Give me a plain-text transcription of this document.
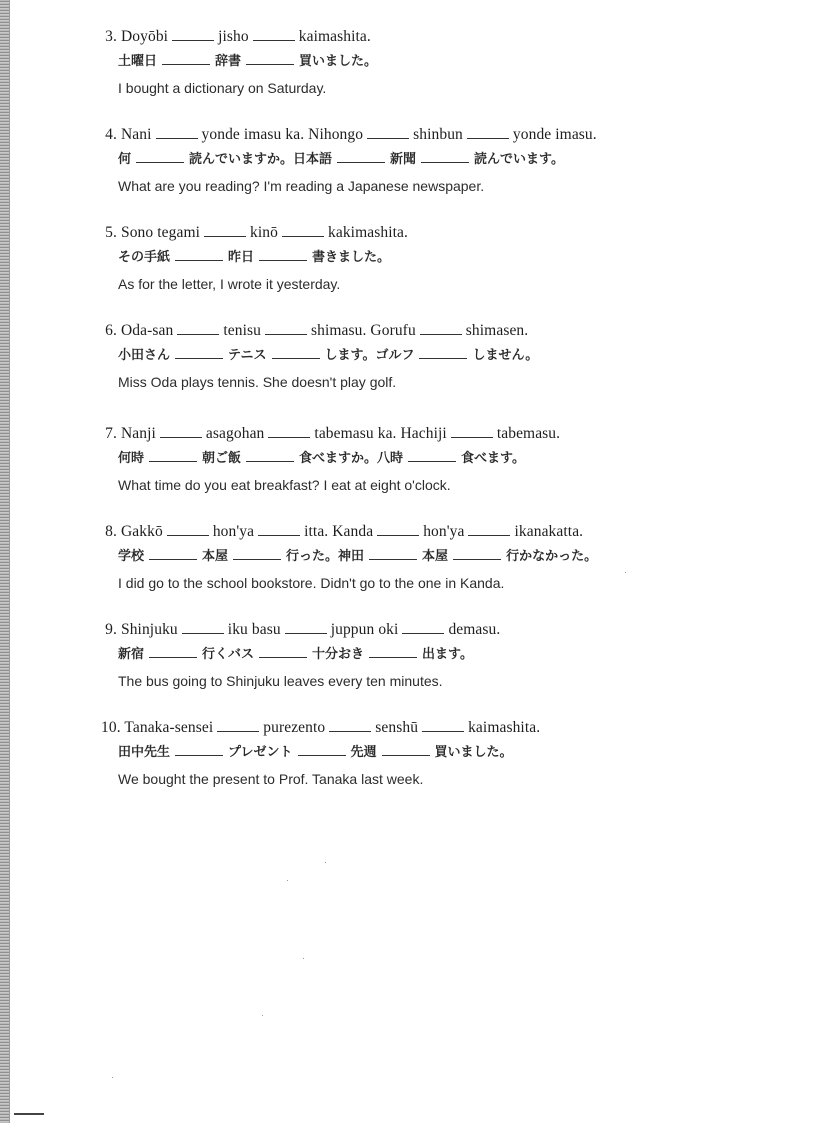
3. Doyōbi	jisho	kaimashita.
土曜日	辞書	買いました。
I bought a dictionary on Saturday.
4. Nani	yonde imasu ka. Nihongo	shinbun	yonde imasu.
何	読んでいますか。日本語	新聞	読んでいます。
What are you reading? I'm reading a Japanese newspaper.
5. Sono tegami	kinō	kakimashita.
その手紙	昨日	書きました。
As for the letter, I wrote it yesterday.
6. Oda-san	tenisu	shimasu. Gorufu	shimasen.
小田さん	テニス	します。ゴルフ	しません。
Miss Oda plays tennis. She doesn't play golf.
7. Nanji	asagohan	tabemasu ka. Hachiji	tabemasu.
何時	朝ご飯	食べますか。八時	食べます。
What time do you eat breakfast? I eat at eight o'clock.
8. Gakkō	hon'ya	itta. Kanda	hon'ya	ikanakatta.
学校	本屋	行った。神田	本屋	行かなかった。
I did go to the school bookstore. Didn't go to the one in Kanda.
9. Shinjuku	iku basu	juppun oki	demasu.
新宿	行くバス	十分おき	出ます。
The bus going to Shinjuku leaves every ten minutes.
10. Tanaka-sensei	purezento	senshū	kaimashita.
田中先生	プレゼント	先週	買いました。
We bought the present to Prof. Tanaka last week.
